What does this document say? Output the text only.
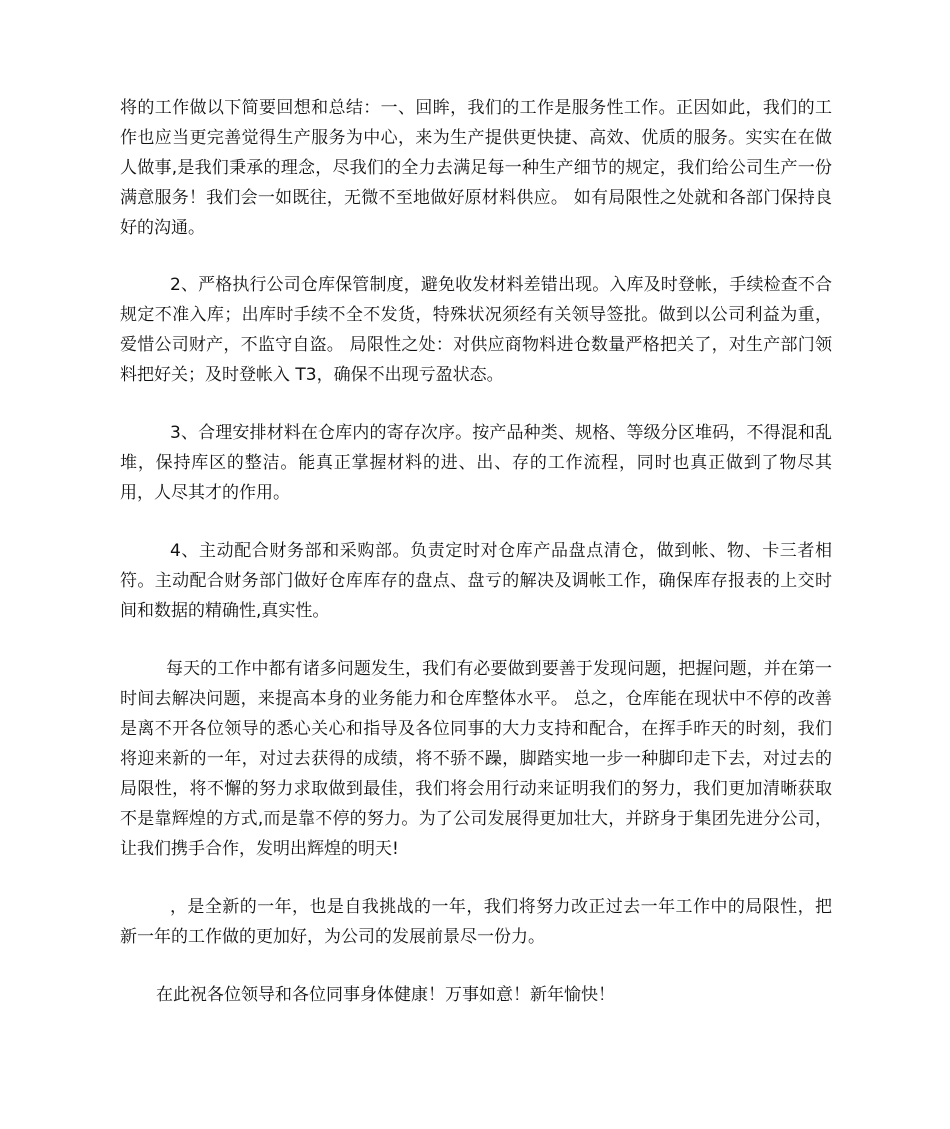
将的工作做以下简要回想和总结：一、回眸，我们的工作是服务性工作。正因如此，我们的工作也应当更完善觉得生产服务为中心，来为生产提供更快捷、高效、优质的服务。实实在在做人做事,是我们秉承的理念，尽我们的全力去满足每一种生产细节的规定，我们给公司生产一份满意服务！我们会一如既往，无微不至地做好原材料供应。 如有局限性之处就和各部门保持良好的沟通。

2、严格执行公司仓库保管制度，避免收发材料差错出现。入库及时登帐，手续检查不合规定不准入库；出库时手续不全不发货，特殊状况须经有关领导签批。做到以公司利益为重，爱惜公司财产，不监守自盗。 局限性之处：对供应商物料进仓数量严格把关了，对生产部门领料把好关；及时登帐入 T3，确保不出现亏盈状态。

3、合理安排材料在仓库内的寄存次序。按产品种类、规格、等级分区堆码，不得混和乱堆，保持库区的整洁。能真正掌握材料的进、出、存的工作流程，同时也真正做到了物尽其用，人尽其才的作用。

4、主动配合财务部和采购部。负责定时对仓库产品盘点清仓，做到帐、物、卡三者相符。主动配合财务部门做好仓库库存的盘点、盘亏的解决及调帐工作，确保库存报表的上交时间和数据的精确性,真实性。

每天的工作中都有诸多问题发生，我们有必要做到要善于发现问题，把握问题，并在第一时间去解决问题，来提高本身的业务能力和仓库整体水平。 总之，仓库能在现状中不停的改善是离不开各位领导的悉心关心和指导及各位同事的大力支持和配合，在挥手昨天的时刻，我们将迎来新的一年，对过去获得的成绩，将不骄不躁，脚踏实地一步一种脚印走下去，对过去的局限性，将不懈的努力求取做到最佳，我们将会用行动来证明我们的努力，我们更加清晰获取不是靠辉煌的方式,而是靠不停的努力。为了公司发展得更加壮大，并跻身于集团先进分公司，让我们携手合作，发明出辉煌的明天!

，是全新的一年，也是自我挑战的一年，我们将努力改正过去一年工作中的局限性，把新一年的工作做的更加好，为公司的发展前景尽一份力。

在此祝各位领导和各位同事身体健康！万事如意！新年愉快！
